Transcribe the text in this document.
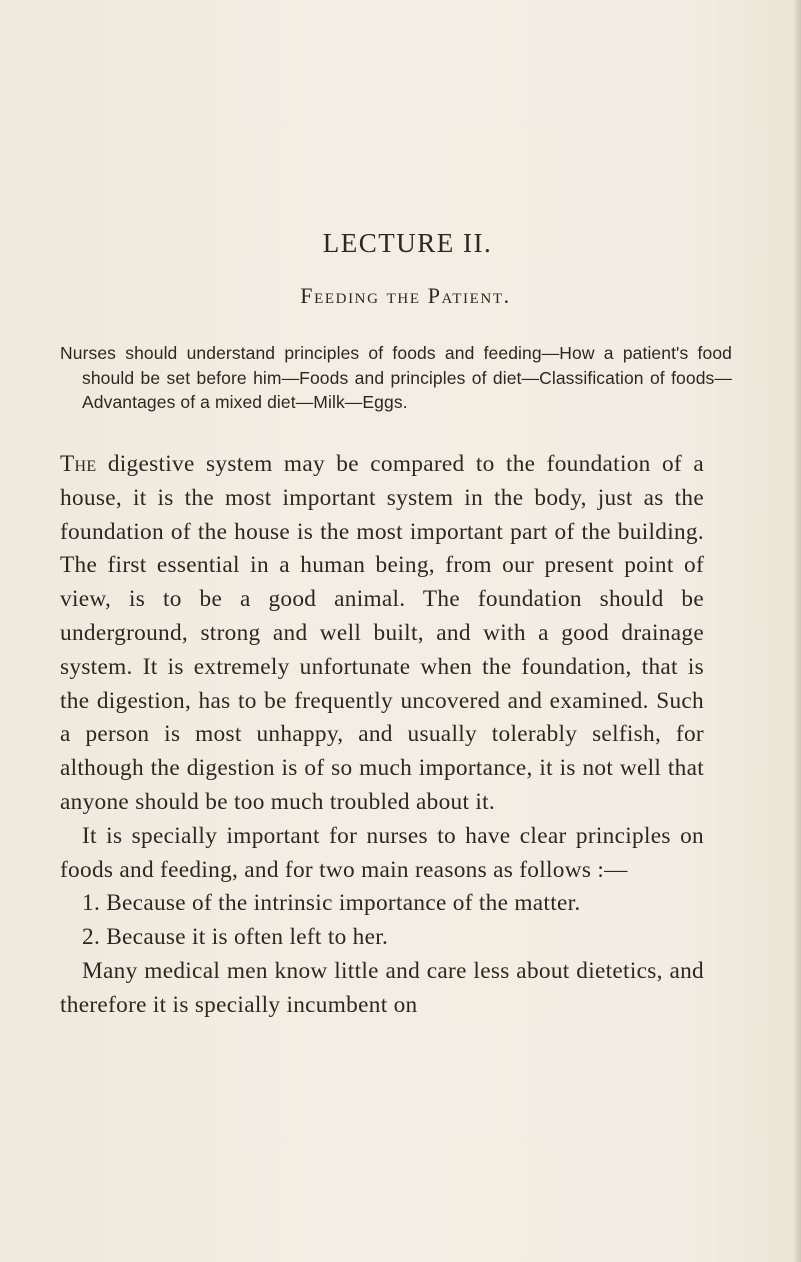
LECTURE II.
Feeding the Patient.
Nurses should understand principles of foods and feeding—How a patient's food should be set before him—Foods and principles of diet—Classification of foods—Advantages of a mixed diet—Milk—Eggs.

The digestive system may be compared to the foundation of a house, it is the most important system in the body, just as the foundation of the house is the most important part of the building. The first essential in a human being, from our present point of view, is to be a good animal. The foundation should be underground, strong and well built, and with a good drainage system. It is extremely unfortunate when the foundation, that is the digestion, has to be frequently uncovered and examined. Such a person is most unhappy, and usually tolerably selfish, for although the digestion is of so much importance, it is not well that anyone should be too much troubled about it.

It is specially important for nurses to have clear principles on foods and feeding, and for two main reasons as follows :—

1. Because of the intrinsic importance of the matter.

2. Because it is often left to her.

Many medical men know little and care less about dietetics, and therefore it is specially incumbent on
